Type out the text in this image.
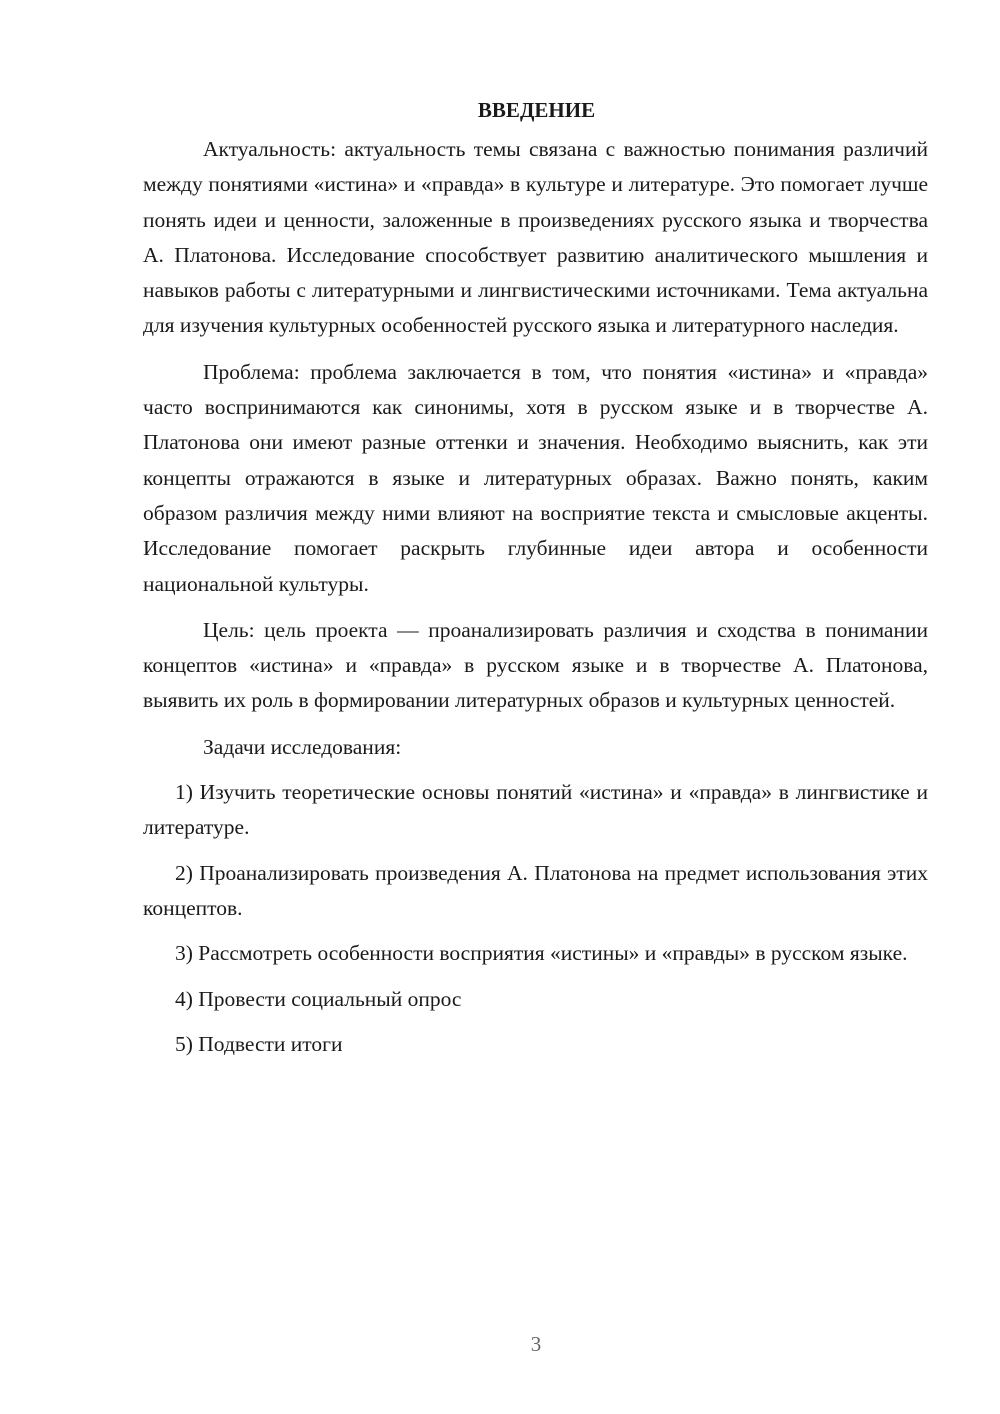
ВВЕДЕНИЕ

Актуальность: актуальность темы связана с важностью понимания различий между понятиями «истина» и «правда» в культуре и литературе. Это помогает лучше понять идеи и ценности, заложенные в произведениях русского языка и творчества А. Платонова. Исследование способствует развитию аналитического мышления и навыков работы с литературными и лингвистическими источниками. Тема актуальна для изучения культурных особенностей русского языка и литературного наследия.

Проблема: проблема заключается в том, что понятия «истина» и «правда» часто воспринимаются как синонимы, хотя в русском языке и в творчестве А. Платонова они имеют разные оттенки и значения. Необходимо выяснить, как эти концепты отражаются в языке и литературных образах. Важно понять, каким образом различия между ними влияют на восприятие текста и смысловые акценты. Исследование помогает раскрыть глубинные идеи автора и особенности национальной культуры.

Цель: цель проекта — проанализировать различия и сходства в понимании концептов «истина» и «правда» в русском языке и в творчестве А. Платонова, выявить их роль в формировании литературных образов и культурных ценностей.

Задачи исследования:

1) Изучить теоретические основы понятий «истина» и «правда» в лингвистике и литературе.

2) Проанализировать произведения А. Платонова на предмет использования этих концептов.

3) Рассмотреть особенности восприятия «истины» и «правды» в русском языке.

4) Провести социальный опрос

5) Подвести итоги

3
